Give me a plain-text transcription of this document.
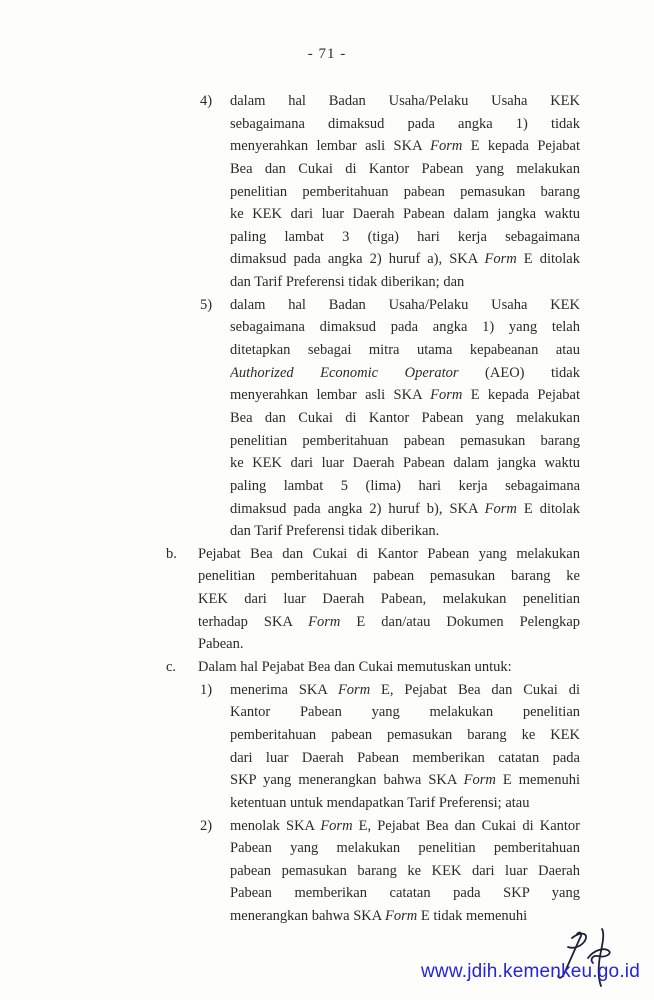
- 71 -
4) dalam hal Badan Usaha/Pelaku Usaha KEK
sebagaimana dimaksud pada angka 1) tidak
menyerahkan lembar asli SKA Form E kepada Pejabat
Bea dan Cukai di Kantor Pabean yang melakukan
penelitian pemberitahuan pabean pemasukan barang
ke KEK dari luar Daerah Pabean dalam jangka waktu
paling lambat 3 (tiga) hari kerja sebagaimana
dimaksud pada angka 2) huruf a), SKA Form E ditolak
dan Tarif Preferensi tidak diberikan; dan
5) dalam hal Badan Usaha/Pelaku Usaha KEK
sebagaimana dimaksud pada angka 1) yang telah
ditetapkan sebagai mitra utama kepabeanan atau
Authorized Economic Operator (AEO) tidak
menyerahkan lembar asli SKA Form E kepada Pejabat
Bea dan Cukai di Kantor Pabean yang melakukan
penelitian pemberitahuan pabean pemasukan barang
ke KEK dari luar Daerah Pabean dalam jangka waktu
paling lambat 5 (lima) hari kerja sebagaimana
dimaksud pada angka 2) huruf b), SKA Form E ditolak
dan Tarif Preferensi tidak diberikan.
b. Pejabat Bea dan Cukai di Kantor Pabean yang melakukan
penelitian pemberitahuan pabean pemasukan barang ke
KEK dari luar Daerah Pabean, melakukan penelitian
terhadap SKA Form E dan/atau Dokumen Pelengkap
Pabean.
c. Dalam hal Pejabat Bea dan Cukai memutuskan untuk:
1) menerima SKA Form E, Pejabat Bea dan Cukai di
Kantor Pabean yang melakukan penelitian
pemberitahuan pabean pemasukan barang ke KEK
dari luar Daerah Pabean memberikan catatan pada
SKP yang menerangkan bahwa SKA Form E memenuhi
ketentuan untuk mendapatkan Tarif Preferensi; atau
2) menolak SKA Form E, Pejabat Bea dan Cukai di Kantor
Pabean yang melakukan penelitian pemberitahuan
pabean pemasukan barang ke KEK dari luar Daerah
Pabean memberikan catatan pada SKP yang
menerangkan bahwa SKA Form E tidak memenuhi
www.jdih.kemenkeu.go.id
